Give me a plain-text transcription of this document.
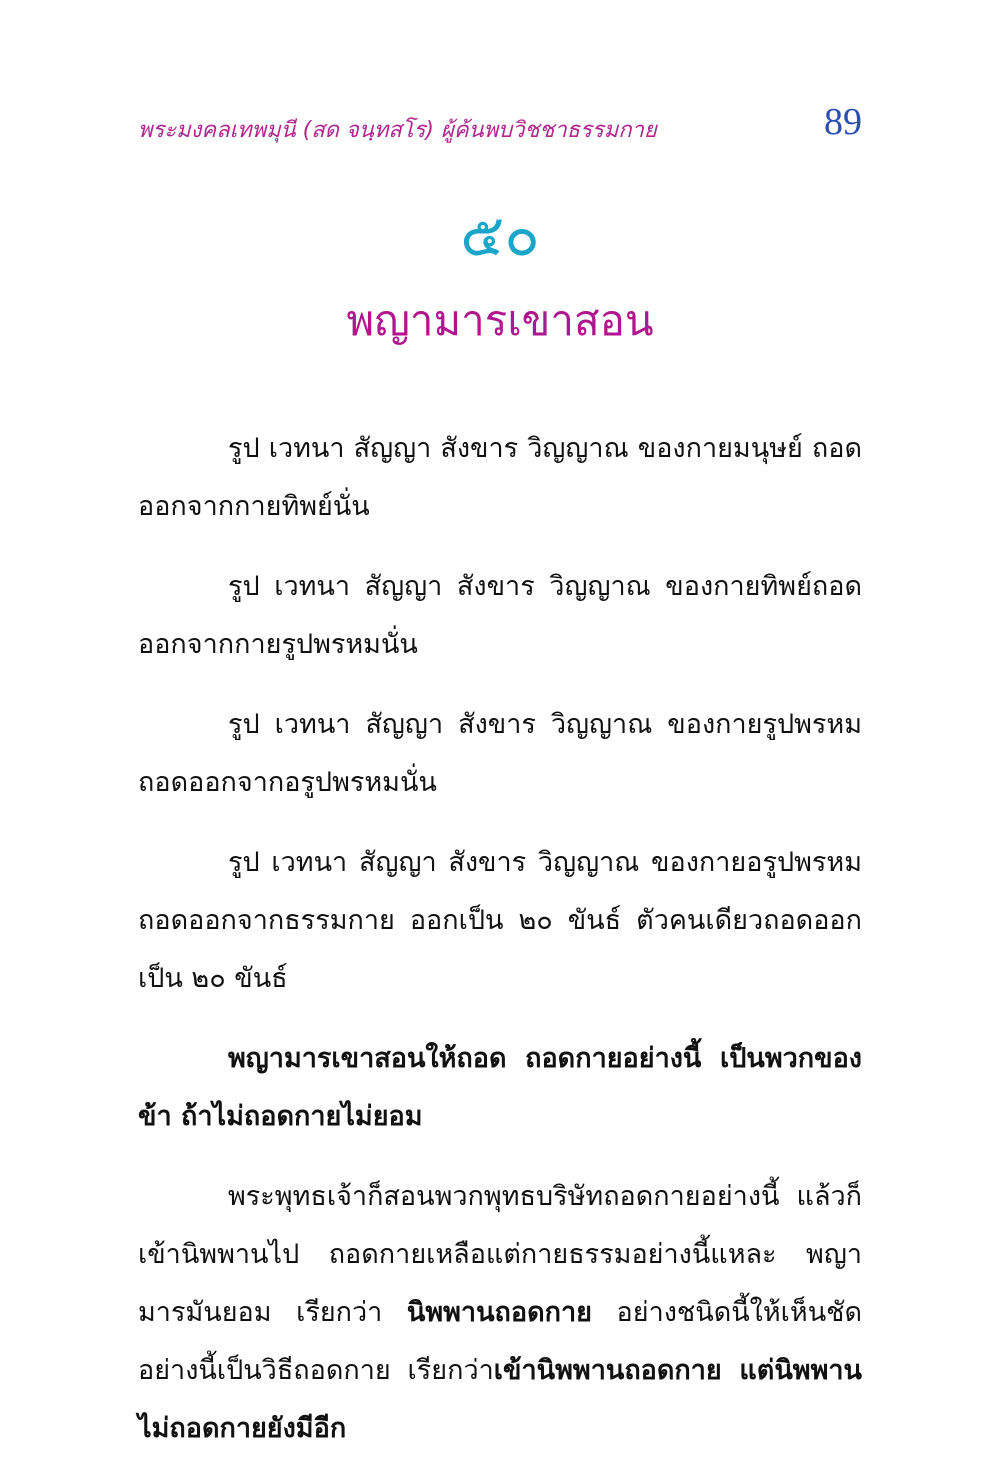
พระมงคลเทพมุนี (สด จนฺทสโร) ผู้ค้นพบวิชชาธรรมกาย	89
๕๐
พญามารเขาสอน

รูป เวทนา สัญญา สังขาร วิญญาณ ของกายมนุษย์ ถอดออกจากกายทิพย์นั่น

รูป เวทนา สัญญา สังขาร วิญญาณ ของกายทิพย์ถอดออกจากกายรูปพรหมนั่น

รูป เวทนา สัญญา สังขาร วิญญาณ ของกายรูปพรหมถอดออกจากอรูปพรหมนั่น

รูป เวทนา สัญญา สังขาร วิญญาณ ของกายอรูปพรหมถอดออกจากธรรมกาย ออกเป็น ๒๐ ขันธ์ ตัวคนเดียวถอดออกเป็น ๒๐ ขันธ์

พญามารเขาสอนให้ถอด ถอดกายอย่างนี้ เป็นพวกของข้า ถ้าไม่ถอดกายไม่ยอม

พระพุทธเจ้าก็สอนพวกพุทธบริษัทถอดกายอย่างนี้ แล้วก็เข้านิพพานไป ถอดกายเหลือแต่กายธรรมอย่างนี้แหละ พญามารมันยอม เรียกว่า นิพพานถอดกาย อย่างชนิดนี้ให้เห็นชัด อย่างนี้เป็นวิธีถอดกาย เรียกว่าเข้านิพพานถอดกาย แต่นิพพานไม่ถอดกายยังมีอีก
